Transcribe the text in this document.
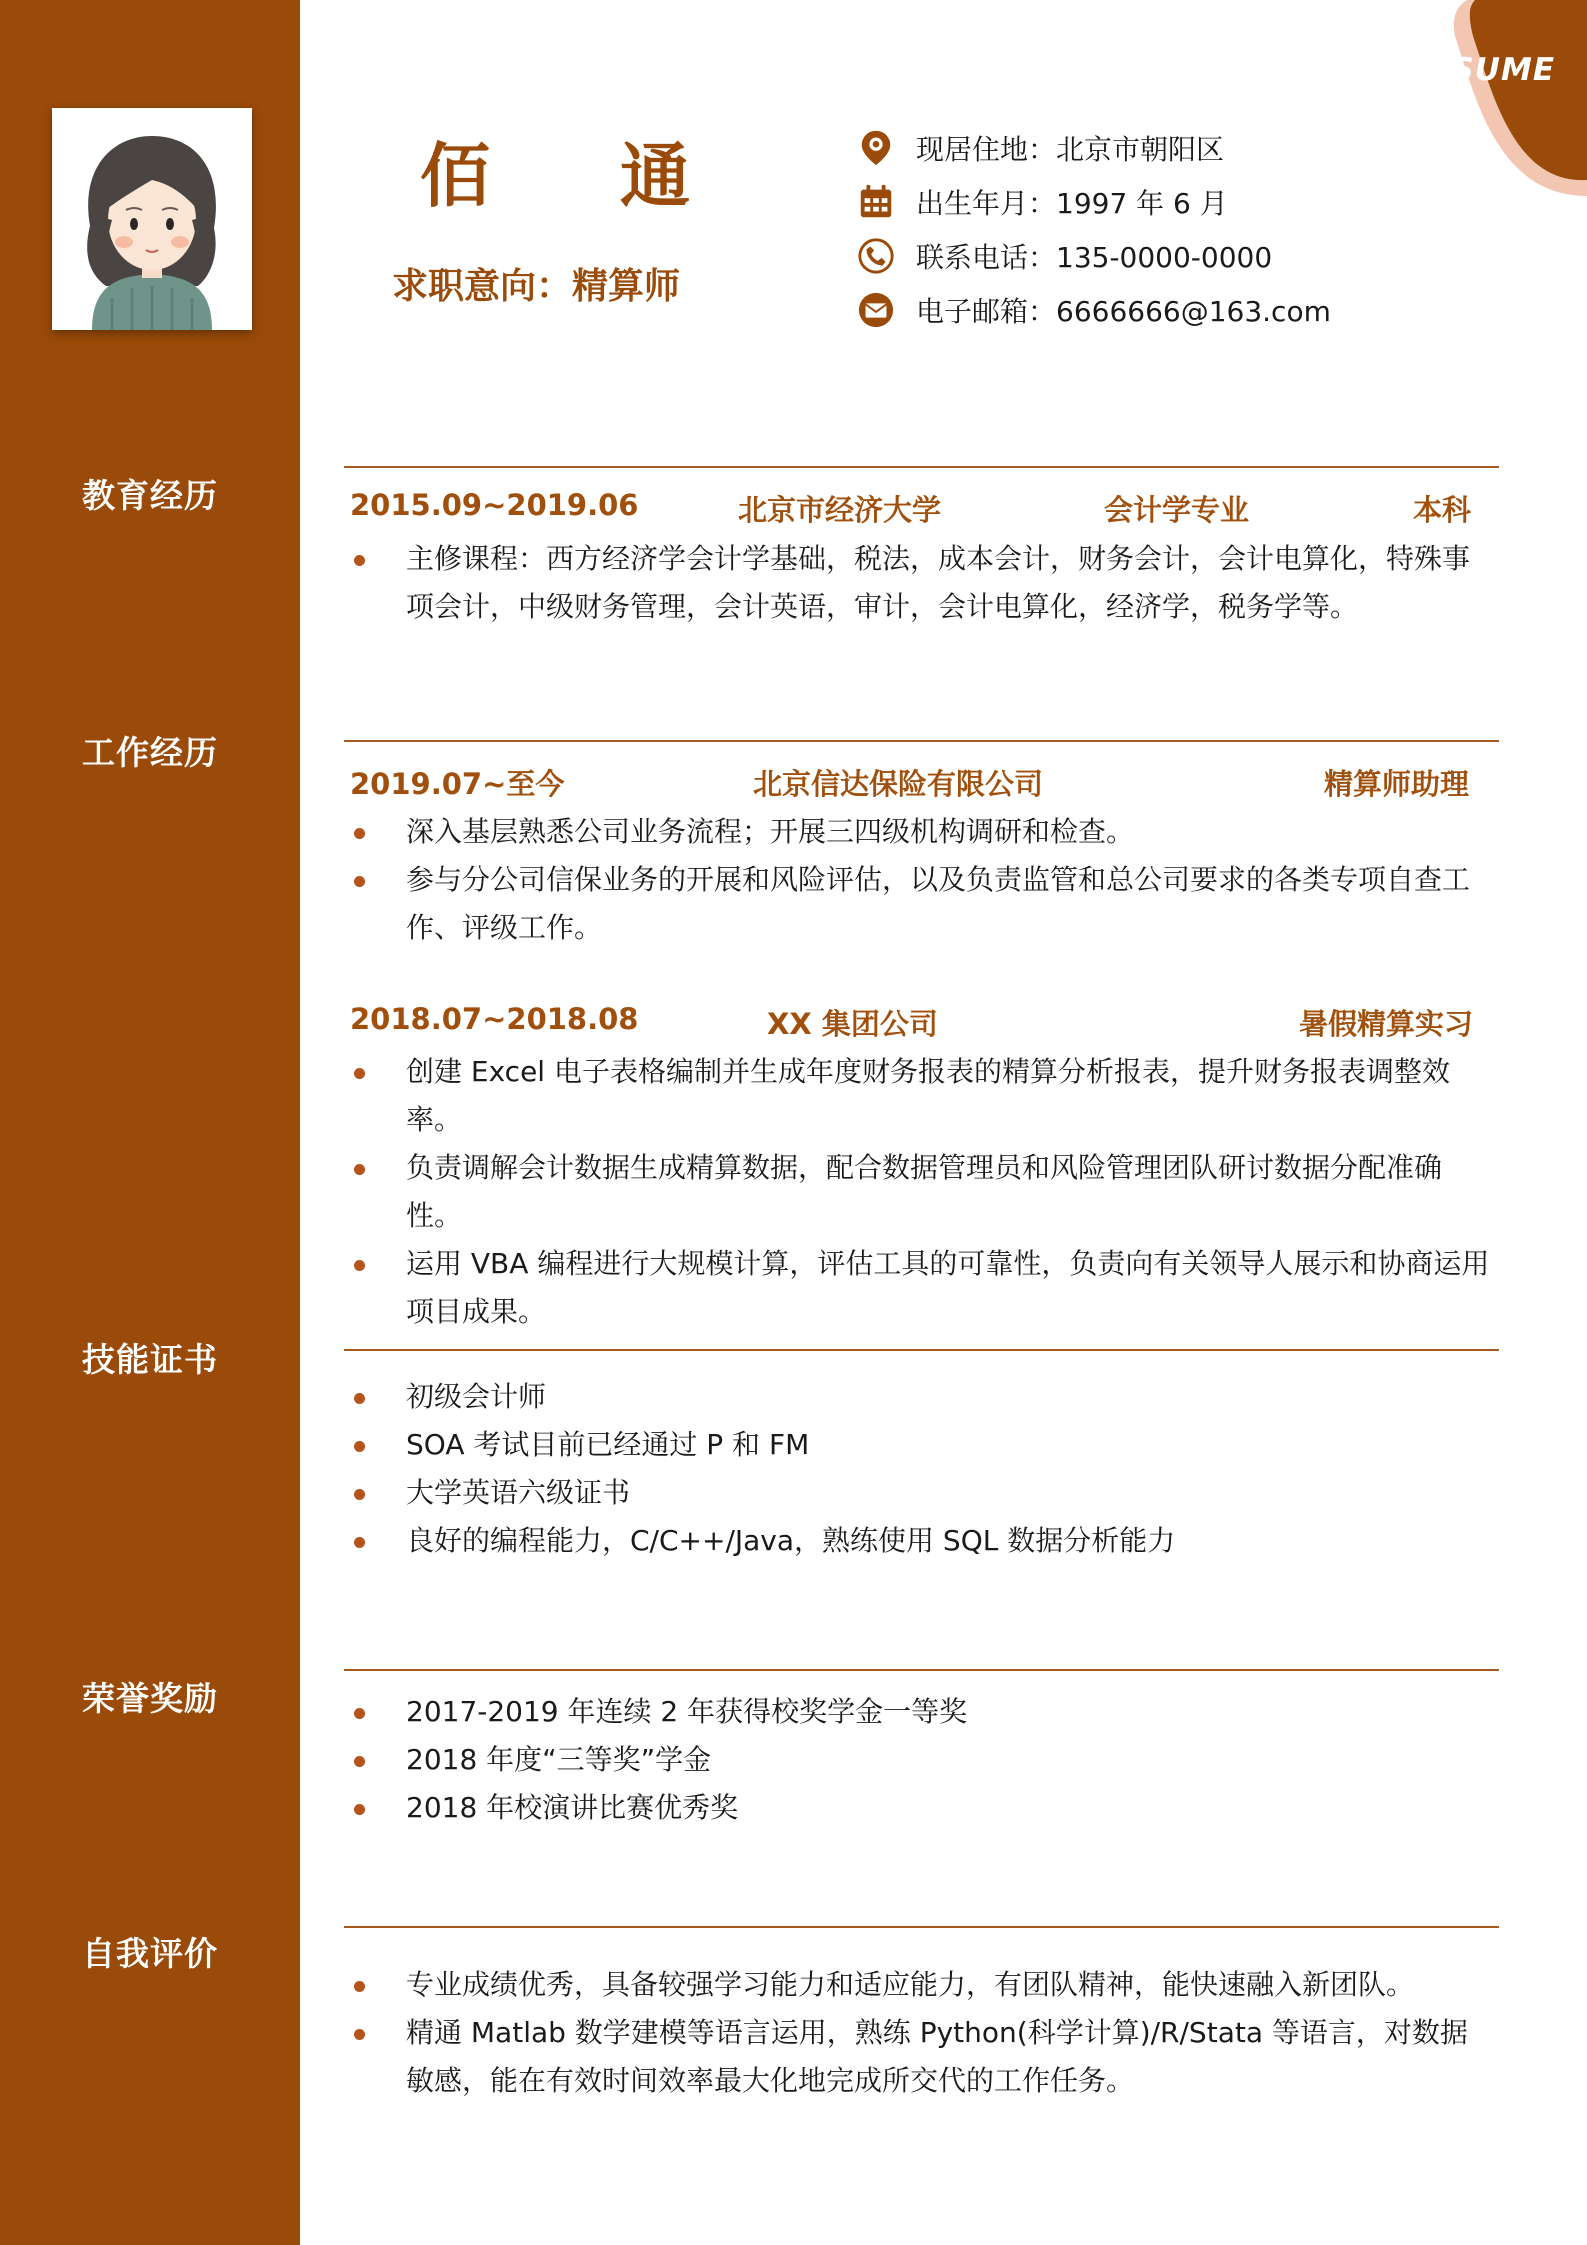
教育经历
工作经历
技能证书
荣誉奖励
自我评价
RESUME
佰 通
求职意向：精算师
现居住地：北京市朝阳区
出生年月：1997 年 6 月
联系电话：135-0000-0000
电子邮箱：6666666@163.com
2015.09~2019.06	北京市经济大学	会计学专业	本科
主修课程：西方经济学会计学基础，税法，成本会计，财务会计，会计电算化，特殊事项会计，中级财务管理，会计英语，审计，会计电算化，经济学，税务学等。
2019.07~至今	北京信达保险有限公司	精算师助理
深入基层熟悉公司业务流程；开展三四级机构调研和检查。
参与分公司信保业务的开展和风险评估，以及负责监管和总公司要求的各类专项自查工作、评级工作。
2018.07~2018.08	XX 集团公司	暑假精算实习
创建 Excel 电子表格编制并生成年度财务报表的精算分析报表，提升财务报表调整效率。
负责调解会计数据生成精算数据，配合数据管理员和风险管理团队研讨数据分配准确性。
运用 VBA 编程进行大规模计算，评估工具的可靠性，负责向有关领导人展示和协商运用项目成果。
初级会计师
SOA 考试目前已经通过 P 和 FM
大学英语六级证书
良好的编程能力，C/C++/Java，熟练使用 SQL 数据分析能力
2017-2019 年连续 2 年获得校奖学金一等奖
2018 年度“三等奖”学金
2018 年校演讲比赛优秀奖
专业成绩优秀，具备较强学习能力和适应能力，有团队精神，能快速融入新团队。
精通 Matlab 数学建模等语言运用，熟练 Python(科学计算)/R/Stata 等语言，对数据敏感，能在有效时间效率最大化地完成所交代的工作任务。
